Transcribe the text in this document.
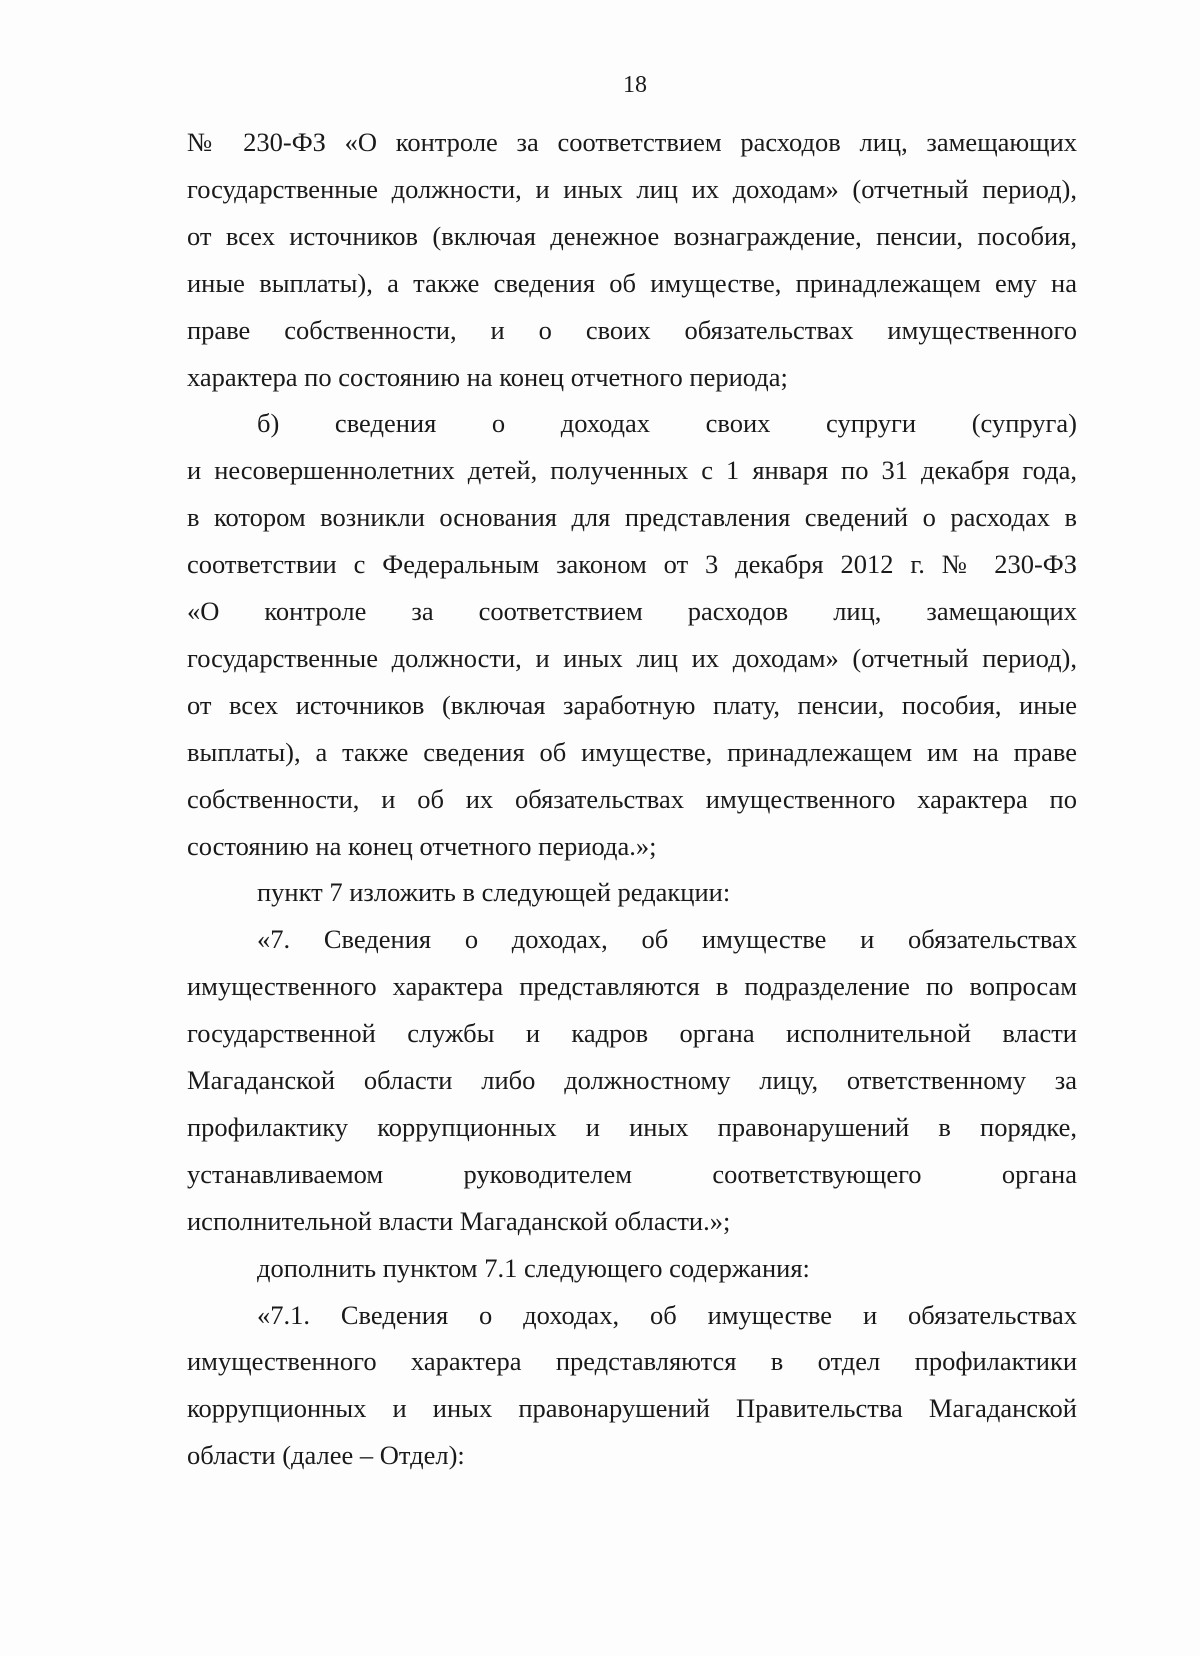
18
№ 230-ФЗ «О контроле за соответствием расходов лиц, замещающих
государственные должности, и иных лиц их доходам» (отчетный период),
от всех источников (включая денежное вознаграждение, пенсии, пособия,
иные выплаты), а также сведения об имуществе, принадлежащем ему на
праве собственности, и о своих обязательствах имущественного
характера по состоянию на конец отчетного периода;
б) сведения о доходах своих супруги (супруга)
и несовершеннолетних детей, полученных с 1 января по 31 декабря года,
в котором возникли основания для представления сведений о расходах в
соответствии с Федеральным законом от 3 декабря 2012 г. № 230-ФЗ
«О контроле за соответствием расходов лиц, замещающих
государственные должности, и иных лиц их доходам» (отчетный период),
от всех источников (включая заработную плату, пенсии, пособия, иные
выплаты), а также сведения об имуществе, принадлежащем им на праве
собственности, и об их обязательствах имущественного характера по
состоянию на конец отчетного периода.»;
пункт 7 изложить в следующей редакции:
«7. Сведения о доходах, об имуществе и обязательствах
имущественного характера представляются в подразделение по вопросам
государственной службы и кадров органа исполнительной власти
Магаданской области либо должностному лицу, ответственному за
профилактику коррупционных и иных правонарушений в порядке,
устанавливаемом руководителем соответствующего органа
исполнительной власти Магаданской области.»;
дополнить пунктом 7.1 следующего содержания:
«7.1. Сведения о доходах, об имуществе и обязательствах
имущественного характера представляются в отдел профилактики
коррупционных и иных правонарушений Правительства Магаданской
области (далее – Отдел):
